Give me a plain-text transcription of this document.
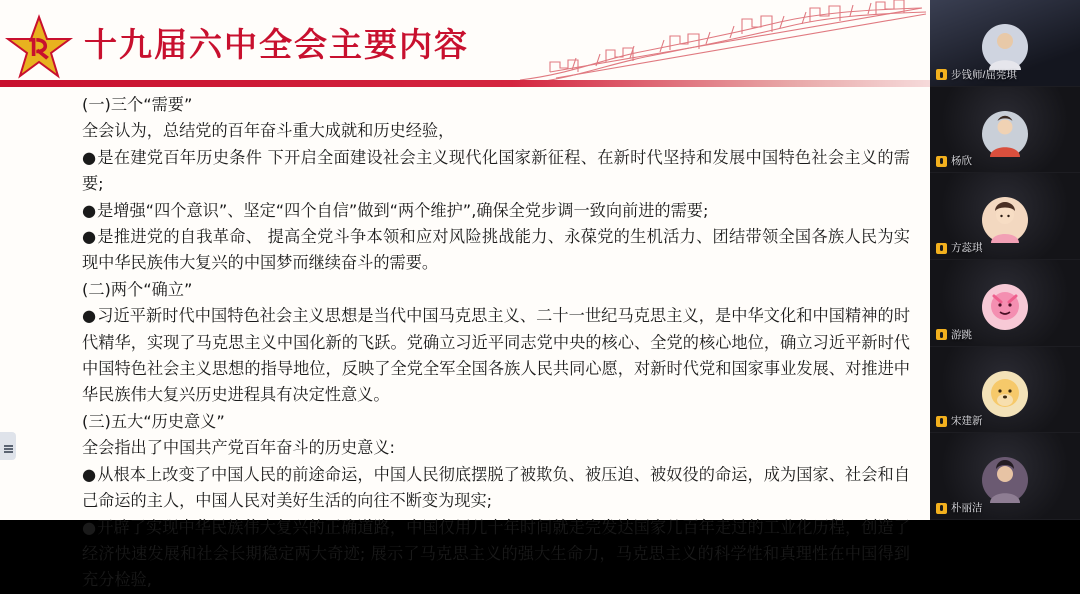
十九届六中全会主要内容

(一)三个“需要”

全会认为，总结党的百年奋斗重大成就和历史经验，

● 是在建党百年历史条件 下开启全面建设社会主义现代化国家新征程、在新时代坚持和发展中国特色社会主义的需要;

● 是增强“四个意识”、坚定“四个自信”做到“两个维护”,确保全党步调一致向前进的需要;

● 是推进党的自我革命、 提高全党斗争本领和应对风险挑战能力、永葆党的生机活力、团结带领全国各族人民为实现中华民族伟大复兴的中国梦而继续奋斗的需要。

(二)两个“确立”

● 习近平新时代中国特色社会主义思想是当代中国马克思主义、二十一世纪马克思主义，是中华文化和中国精神的时代精华，实现了马克思主义中国化新的飞跃。党确立习近平同志党中央的核心、全党的核心地位，确立习近平新时代中国特色社会主义思想的指导地位，反映了全党全军全国各族人民共同心愿，对新时代党和国家事业发展、对推进中华民族伟大复兴历史进程具有决定性意义。

(三)五大“历史意义”

全会指出了中国共产党百年奋斗的历史意义:

● 从根本上改变了中国人民的前途命运，中国人民彻底摆脱了被欺负、被压迫、被奴役的命运，成为国家、社会和自己命运的主人，中国人民对美好生活的向往不断变为现实;

● 开辟了实现中华民族伟大复兴的正确道路，中国仅用几十年时间就走完发达国家几百年走过的工业化历程，创造了经济快速发展和社会长期稳定两大奇迹; 展示了马克思主义的强大生命力，马克思主义的科学性和真理性在中国得到充分检验,

步钱师/屈莞琪
杨欣
方蕊琪
游跳
宋建新
朴丽洁
